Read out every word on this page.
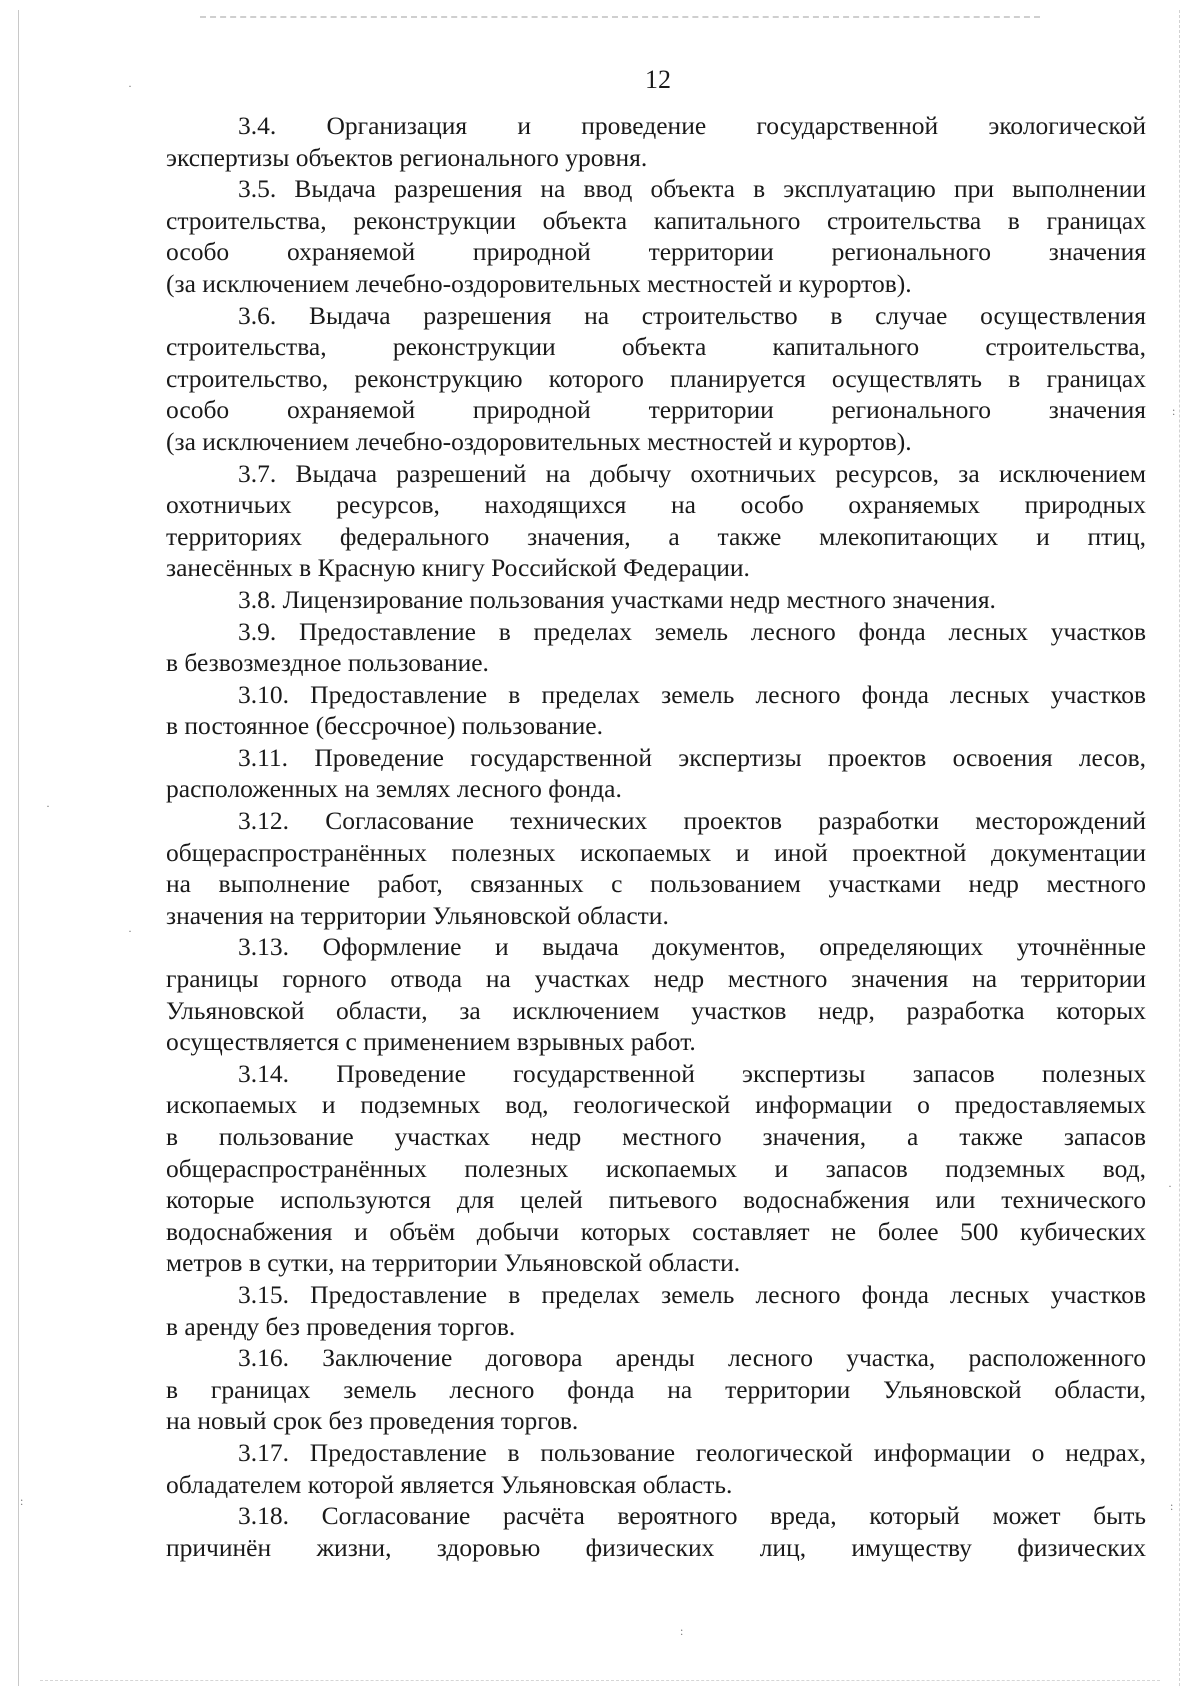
·
:
·
·
·
:
:
:
12
3.4. Организация и проведение государственной экологической
экспертизы объектов регионального уровня.
3.5. Выдача разрешения на ввод объекта в эксплуатацию при выполнении
строительства, реконструкции объекта капитального строительства в границах
особо охраняемой природной территории регионального значения
(за исключением лечебно-оздоровительных местностей и курортов).
3.6. Выдача разрешения на строительство в случае осуществления
строительства, реконструкции объекта капитального строительства,
строительство, реконструкцию которого планируется осуществлять в границах
особо охраняемой природной территории регионального значения
(за исключением лечебно-оздоровительных местностей и курортов).
3.7. Выдача разрешений на добычу охотничьих ресурсов, за исключением
охотничьих ресурсов, находящихся на особо охраняемых природных
территориях федерального значения, а также млекопитающих и птиц,
занесённых в Красную книгу Российской Федерации.
3.8. Лицензирование пользования участками недр местного значения.
3.9. Предоставление в пределах земель лесного фонда лесных участков
в безвозмездное пользование.
3.10. Предоставление в пределах земель лесного фонда лесных участков
в постоянное (бессрочное) пользование.
3.11. Проведение государственной экспертизы проектов освоения лесов,
расположенных на землях лесного фонда.
3.12. Согласование технических проектов разработки месторождений
общераспространённых полезных ископаемых и иной проектной документации
на выполнение работ, связанных с пользованием участками недр местного
значения на территории Ульяновской области.
3.13. Оформление и выдача документов, определяющих уточнённые
границы горного отвода на участках недр местного значения на территории
Ульяновской области, за исключением участков недр, разработка которых
осуществляется с применением взрывных работ.
3.14. Проведение государственной экспертизы запасов полезных
ископаемых и подземных вод, геологической информации о предоставляемых
в пользование участках недр местного значения, а также запасов
общераспространённых полезных ископаемых и запасов подземных вод,
которые используются для целей питьевого водоснабжения или технического
водоснабжения и объём добычи которых составляет не более 500 кубических
метров в сутки, на территории Ульяновской области.
3.15. Предоставление в пределах земель лесного фонда лесных участков
в аренду без проведения торгов.
3.16. Заключение договора аренды лесного участка, расположенного
в границах земель лесного фонда на территории Ульяновской области,
на новый срок без проведения торгов.
3.17. Предоставление в пользование геологической информации о недрах,
обладателем которой является Ульяновская область.
3.18. Согласование расчёта вероятного вреда, который может быть
причинён жизни, здоровью физических лиц, имуществу физических
